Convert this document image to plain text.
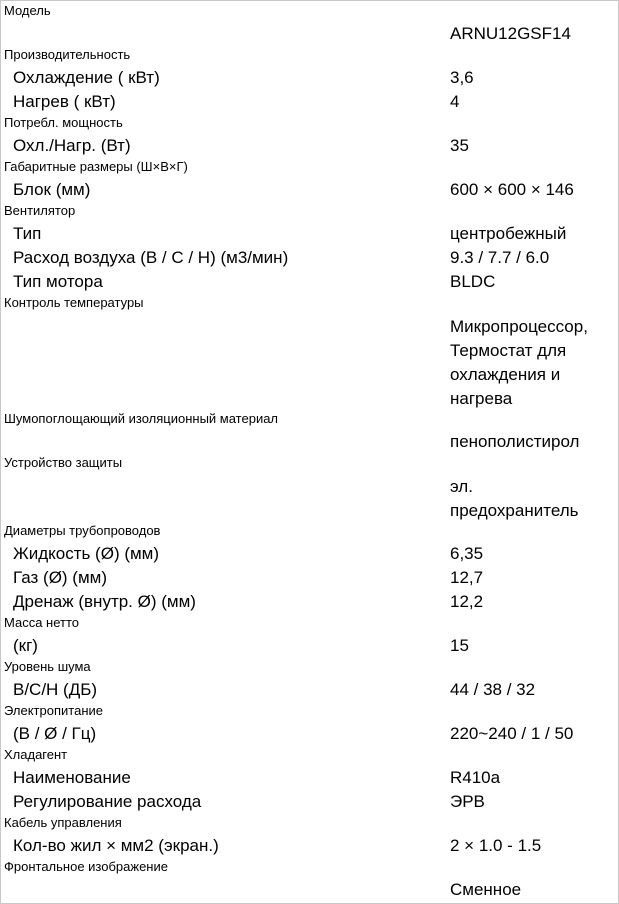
Модель
ARNU12GSF14
Производительность
Охлаждение ( кВт)	3,6
Нагрев ( кВт)	4
Потребл. мощность
Охл./Нагр. (Вт)	35
Габаритные размеры (Ш×В×Г)
Блок (мм)	600 × 600 × 146
Вентилятор
Тип	центробежный
Расход воздуха (В / С / Н) (м3/мин)	9.3 / 7.7 / 6.0
Тип мотора	BLDC
Контроль температуры
Микропроцессор,
Термостат для
охлаждения и
нагрева
Шумопоглощающий изоляционный материал
пенополистирол
Устройство защиты
эл.
предохранитель
Диаметры трубопроводов
Жидкость (Ø) (мм)	6,35
Газ (Ø) (мм)	12,7
Дренаж (внутр. Ø) (мм)	12,2
Масса нетто
(кг)	15
Уровень шума
В/С/Н (ДБ)	44 / 38 / 32
Электропитание
(В / Ø / Гц)	220~240 / 1 / 50
Хладагент
Наименование	R410a
Регулирование расхода	ЭРВ
Кабель управления
Кол-во жил × мм2 (экран.)	2 × 1.0 - 1.5
Фронтальное изображение
Сменное
